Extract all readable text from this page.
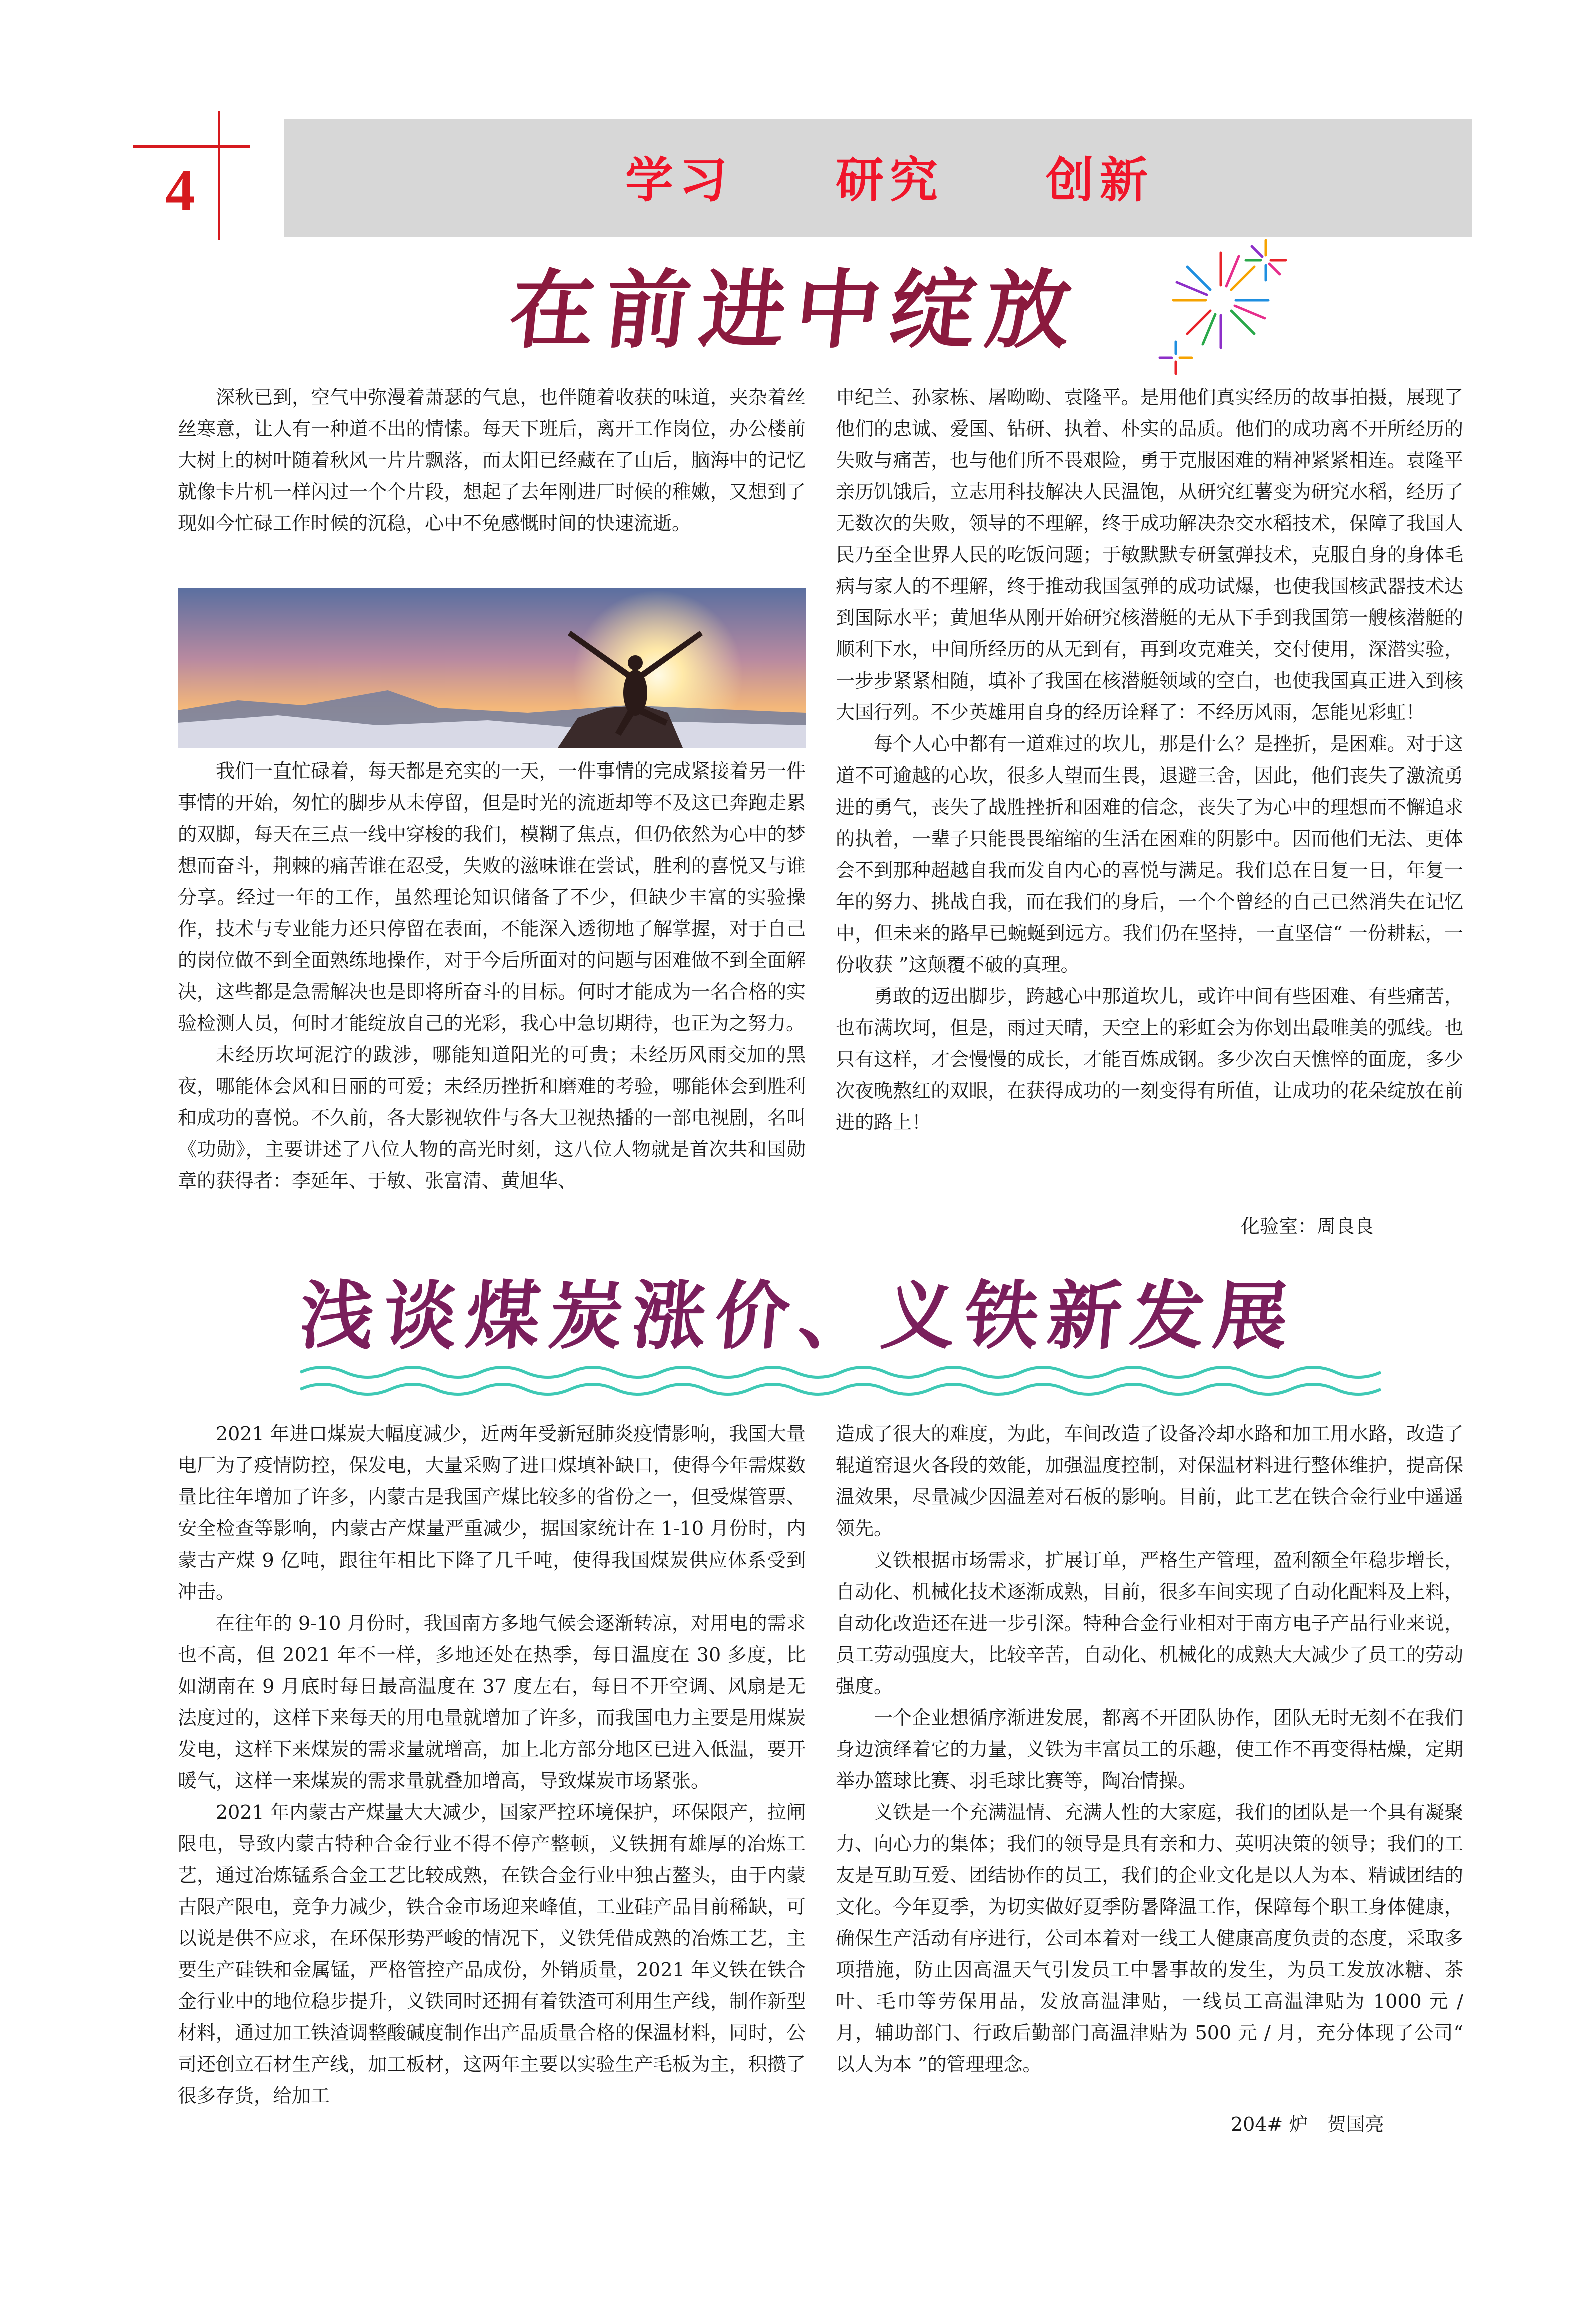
4	学习 研究 创新
在前进中绽放

深秋已到，空气中弥漫着萧瑟的气息，也伴随着收获的味道，夹杂着丝丝寒意，让人有一种道不出的情愫。每天下班后，离开工作岗位，办公楼前大树上的树叶随着秋风一片片飘落，而太阳已经藏在了山后，脑海中的记忆就像卡片机一样闪过一个个片段，想起了去年刚进厂时候的稚嫩，又想到了现如今忙碌工作时候的沉稳，心中不免感慨时间的快速流逝。

我们一直忙碌着，每天都是充实的一天，一件事情的完成紧接着另一件事情的开始，匆忙的脚步从未停留，但是时光的流逝却等不及这已奔跑走累的双脚，每天在三点一线中穿梭的我们，模糊了焦点，但仍依然为心中的梦想而奋斗，荆棘的痛苦谁在忍受，失败的滋味谁在尝试，胜利的喜悦又与谁分享。经过一年的工作，虽然理论知识储备了不少，但缺少丰富的实验操作，技术与专业能力还只停留在表面，不能深入透彻地了解掌握，对于自己的岗位做不到全面熟练地操作，对于今后所面对的问题与困难做不到全面解决，这些都是急需解决也是即将所奋斗的目标。何时才能成为一名合格的实验检测人员，何时才能绽放自己的光彩，我心中急切期待，也正为之努力。

未经历坎坷泥泞的跋涉，哪能知道阳光的可贵；未经历风雨交加的黑夜，哪能体会风和日丽的可爱；未经历挫折和磨难的考验，哪能体会到胜利和成功的喜悦。不久前，各大影视软件与各大卫视热播的一部电视剧，名叫《功勋》，主要讲述了八位人物的高光时刻，这八位人物就是首次共和国勋章的获得者：李延年、于敏、张富清、黄旭华、

申纪兰、孙家栋、屠呦呦、袁隆平。是用他们真实经历的故事拍摄，展现了他们的忠诚、爱国、钻研、执着、朴实的品质。他们的成功离不开所经历的失败与痛苦，也与他们所不畏艰险，勇于克服困难的精神紧紧相连。袁隆平亲历饥饿后，立志用科技解决人民温饱，从研究红薯变为研究水稻，经历了无数次的失败，领导的不理解，终于成功解决杂交水稻技术，保障了我国人民乃至全世界人民的吃饭问题；于敏默默专研氢弹技术，克服自身的身体毛病与家人的不理解，终于推动我国氢弹的成功试爆，也使我国核武器技术达到国际水平；黄旭华从刚开始研究核潜艇的无从下手到我国第一艘核潜艇的顺利下水，中间所经历的从无到有，再到攻克难关，交付使用，深潜实验，一步步紧紧相随，填补了我国在核潜艇领域的空白，也使我国真正进入到核大国行列。不少英雄用自身的经历诠释了：不经历风雨，怎能见彩虹！

每个人心中都有一道难过的坎儿，那是什么？是挫折，是困难。对于这道不可逾越的心坎，很多人望而生畏，退避三舍，因此，他们丧失了激流勇进的勇气，丧失了战胜挫折和困难的信念，丧失了为心中的理想而不懈追求的执着，一辈子只能畏畏缩缩的生活在困难的阴影中。因而他们无法、更体会不到那种超越自我而发自内心的喜悦与满足。我们总在日复一日，年复一年的努力、挑战自我，而在我们的身后，一个个曾经的自己已然消失在记忆中，但未来的路早已蜿蜒到远方。我们仍在坚持，一直坚信“ 一份耕耘，一份收获 ”这颠覆不破的真理。

勇敢的迈出脚步，跨越心中那道坎儿，或许中间有些困难、有些痛苦，也布满坎坷，但是，雨过天晴，天空上的彩虹会为你划出最唯美的弧线。也只有这样，才会慢慢的成长，才能百炼成钢。多少次白天憔悴的面庞，多少次夜晚熬红的双眼，在获得成功的一刻变得有所值，让成功的花朵绽放在前进的路上！

化验室：周良良
浅谈煤炭涨价、义铁新发展

2021 年进口煤炭大幅度减少，近两年受新冠肺炎疫情影响，我国大量电厂为了疫情防控，保发电，大量采购了进口煤填补缺口，使得今年需煤数量比往年增加了许多，内蒙古是我国产煤比较多的省份之一，但受煤管票、安全检查等影响，内蒙古产煤量严重减少，据国家统计在 1-10 月份时，内蒙古产煤 9 亿吨，跟往年相比下降了几千吨，使得我国煤炭供应体系受到冲击。

在往年的 9-10 月份时，我国南方多地气候会逐渐转凉，对用电的需求也不高，但 2021 年不一样，多地还处在热季，每日温度在 30 多度，比如湖南在 9 月底时每日最高温度在 37 度左右，每日不开空调、风扇是无法度过的，这样下来每天的用电量就增加了许多，而我国电力主要是用煤炭发电，这样下来煤炭的需求量就增高，加上北方部分地区已进入低温，要开暖气，这样一来煤炭的需求量就叠加增高，导致煤炭市场紧张。

2021 年内蒙古产煤量大大减少，国家严控环境保护，环保限产，拉闸限电，导致内蒙古特种合金行业不得不停产整顿，义铁拥有雄厚的冶炼工艺，通过冶炼锰系合金工艺比较成熟，在铁合金行业中独占鳌头，由于内蒙古限产限电，竞争力减少，铁合金市场迎来峰值，工业硅产品目前稀缺，可以说是供不应求，在环保形势严峻的情况下，义铁凭借成熟的冶炼工艺，主要生产硅铁和金属锰，严格管控产品成份，外销质量，2021 年义铁在铁合金行业中的地位稳步提升，义铁同时还拥有着铁渣可利用生产线，制作新型材料，通过加工铁渣调整酸碱度制作出产品质量合格的保温材料，同时，公司还创立石材生产线，加工板材，这两年主要以实验生产毛板为主，积攒了很多存货，给加工

造成了很大的难度，为此，车间改造了设备冷却水路和加工用水路，改造了辊道窑退火各段的效能，加强温度控制，对保温材料进行整体维护，提高保温效果，尽量减少因温差对石板的影响。目前，此工艺在铁合金行业中遥遥领先。

义铁根据市场需求，扩展订单，严格生产管理，盈利额全年稳步增长，自动化、机械化技术逐渐成熟，目前，很多车间实现了自动化配料及上料，自动化改造还在进一步引深。特种合金行业相对于南方电子产品行业来说，员工劳动强度大，比较辛苦，自动化、机械化的成熟大大减少了员工的劳动强度。

一个企业想循序渐进发展，都离不开团队协作，团队无时无刻不在我们身边演绎着它的力量，义铁为丰富员工的乐趣，使工作不再变得枯燥，定期举办篮球比赛、羽毛球比赛等，陶冶情操。

义铁是一个充满温情、充满人性的大家庭，我们的团队是一个具有凝聚力、向心力的集体；我们的领导是具有亲和力、英明决策的领导；我们的工友是互助互爱、团结协作的员工，我们的企业文化是以人为本、精诚团结的文化。今年夏季，为切实做好夏季防暑降温工作，保障每个职工身体健康，确保生产活动有序进行，公司本着对一线工人健康高度负责的态度，采取多项措施，防止因高温天气引发员工中暑事故的发生，为员工发放冰糖、茶叶、毛巾等劳保用品，发放高温津贴，一线员工高温津贴为 1000 元 / 月，辅助部门、行政后勤部门高温津贴为 500 元 / 月，充分体现了公司“ 以人为本 ”的管理理念。

204# 炉　贺国亮
